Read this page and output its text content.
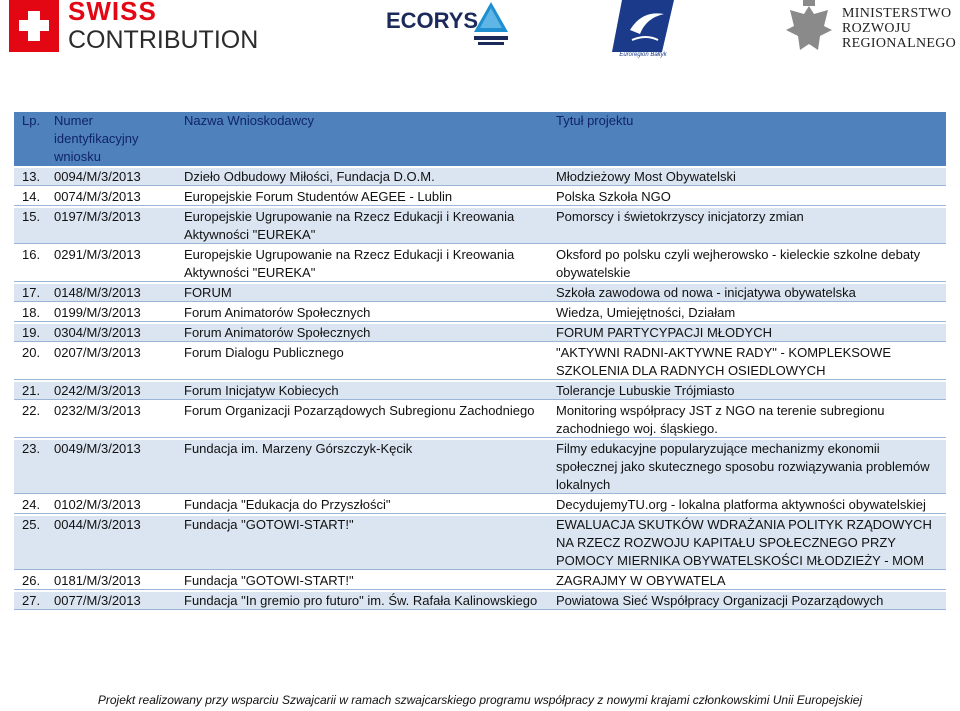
SWISS
CONTRIBUTION
ECORYS
Euroregion Bałtyk
MINISTERSTWO
ROZWOJU
REGIONALNEGO
Lp.	Numer identyfikacyjny wniosku	Nazwa Wnioskodawcy	Tytuł projektu
13.	0094/M/3/2013	Dzieło Odbudowy Miłości, Fundacja D.O.M.	Młodzieżowy Most Obywatelski
14.	0074/M/3/2013	Europejskie Forum Studentów AEGEE - Lublin	Polska Szkoła NGO
15.	0197/M/3/2013	Europejskie Ugrupowanie na Rzecz Edukacji i Kreowania Aktywności "EUREKA"	Pomorscy i świetokrzyscy inicjatorzy zmian
16.	0291/M/3/2013	Europejskie Ugrupowanie na Rzecz Edukacji i Kreowania Aktywności "EUREKA"	Oksford po polsku czyli wejherowsko - kieleckie szkolne debaty obywatelskie
17.	0148/M/3/2013	FORUM	Szkoła zawodowa od nowa - inicjatywa obywatelska
18.	0199/M/3/2013	Forum Animatorów Społecznych	Wiedza, Umiejętności, Działam
19.	0304/M/3/2013	Forum Animatorów Społecznych	FORUM PARTYCYPACJI MŁODYCH
20.	0207/M/3/2013	Forum Dialogu Publicznego	"AKTYWNI RADNI-AKTYWNE RADY" - KOMPLEKSOWE SZKOLENIA DLA RADNYCH OSIEDLOWYCH
21.	0242/M/3/2013	Forum Inicjatyw Kobiecych	Tolerancje Lubuskie Trójmiasto
22.	0232/M/3/2013	Forum Organizacji Pozarządowych Subregionu Zachodniego	Monitoring współpracy JST z NGO na terenie subregionu zachodniego woj. śląskiego.
23.	0049/M/3/2013	Fundacja im. Marzeny Górszczyk-Kęcik	Filmy edukacyjne popularyzujące mechanizmy ekonomii społecznej jako skutecznego sposobu rozwiązywania problemów lokalnych
24.	0102/M/3/2013	Fundacja "Edukacja do Przyszłości"	DecydujemyTU.org - lokalna platforma aktywności obywatelskiej
25.	0044/M/3/2013	Fundacja "GOTOWI-START!"	EWALUACJA SKUTKÓW WDRAŻANIA POLITYK RZĄDOWYCH NA RZECZ ROZWOJU KAPITAŁU SPOŁECZNEGO PRZY POMOCY MIERNIKA OBYWATELSKOŚCI MŁODZIEŻY - MOM
26.	0181/M/3/2013	Fundacja "GOTOWI-START!"	ZAGRAJMY W OBYWATELA
27.	0077/M/3/2013	Fundacja "In gremio pro futuro" im. Św. Rafała Kalinowskiego	Powiatowa Sieć Współpracy Organizacji Pozarządowych
Projekt realizowany przy wsparciu Szwajcarii w ramach szwajcarskiego programu współpracy z nowymi krajami członkowskimi Unii Europejskiej
